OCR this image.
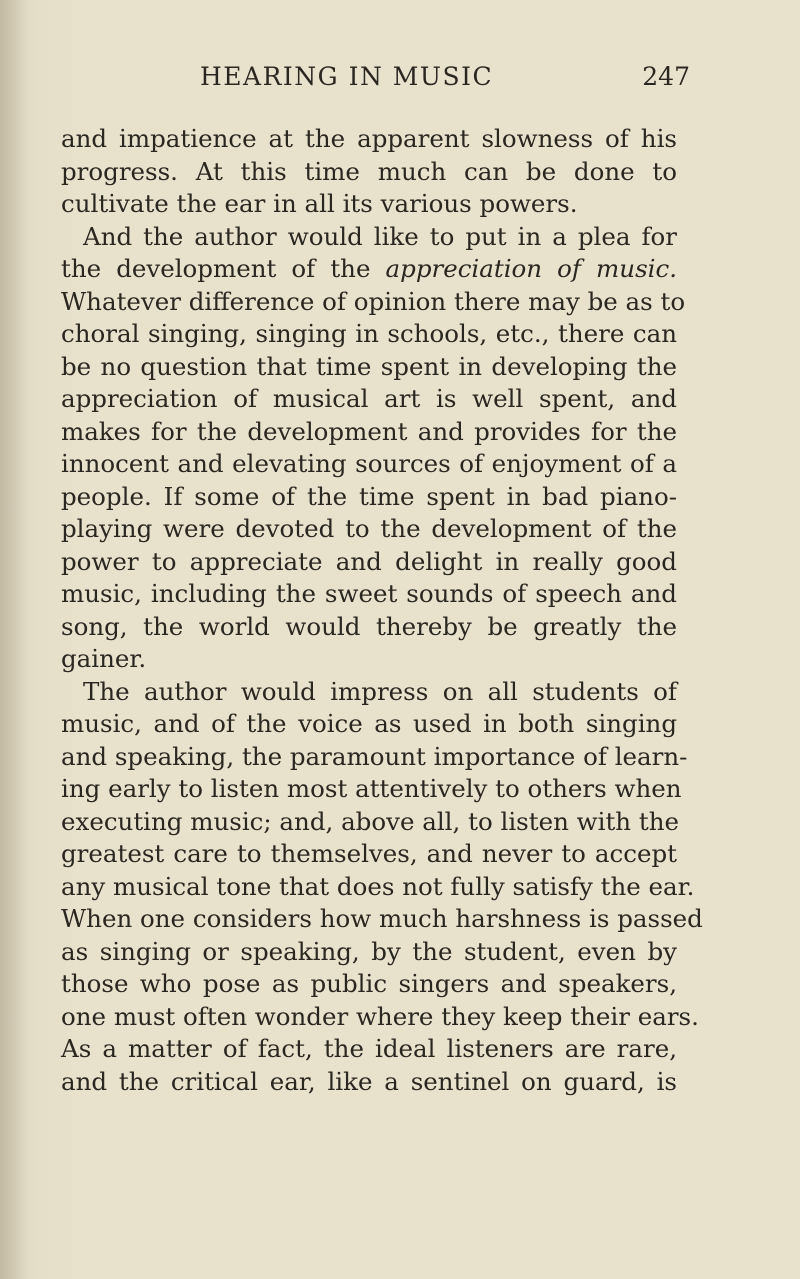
HEARING IN MUSIC	247
and impatience at the apparent slowness of his
progress. At this time much can be done to
cultivate the ear in all its various powers.
And the author would like to put in a plea for
the development of the appreciation of music.
Whatever difference of opinion there may be as to
choral singing, singing in schools, etc., there can
be no question that time spent in developing the
appreciation of musical art is well spent, and
makes for the development and provides for the
innocent and elevating sources of enjoyment of a
people. If some of the time spent in bad piano-
playing were devoted to the development of the
power to appreciate and delight in really good
music, including the sweet sounds of speech and
song, the world would thereby be greatly the
gainer.
The author would impress on all students of
music, and of the voice as used in both singing
and speaking, the paramount importance of learn-
ing early to listen most attentively to others when
executing music; and, above all, to listen with the
greatest care to themselves, and never to accept
any musical tone that does not fully satisfy the ear.
When one considers how much harshness is passed
as singing or speaking, by the student, even by
those who pose as public singers and speakers,
one must often wonder where they keep their ears.
As a matter of fact, the ideal listeners are rare,
and the critical ear, like a sentinel on guard, is
